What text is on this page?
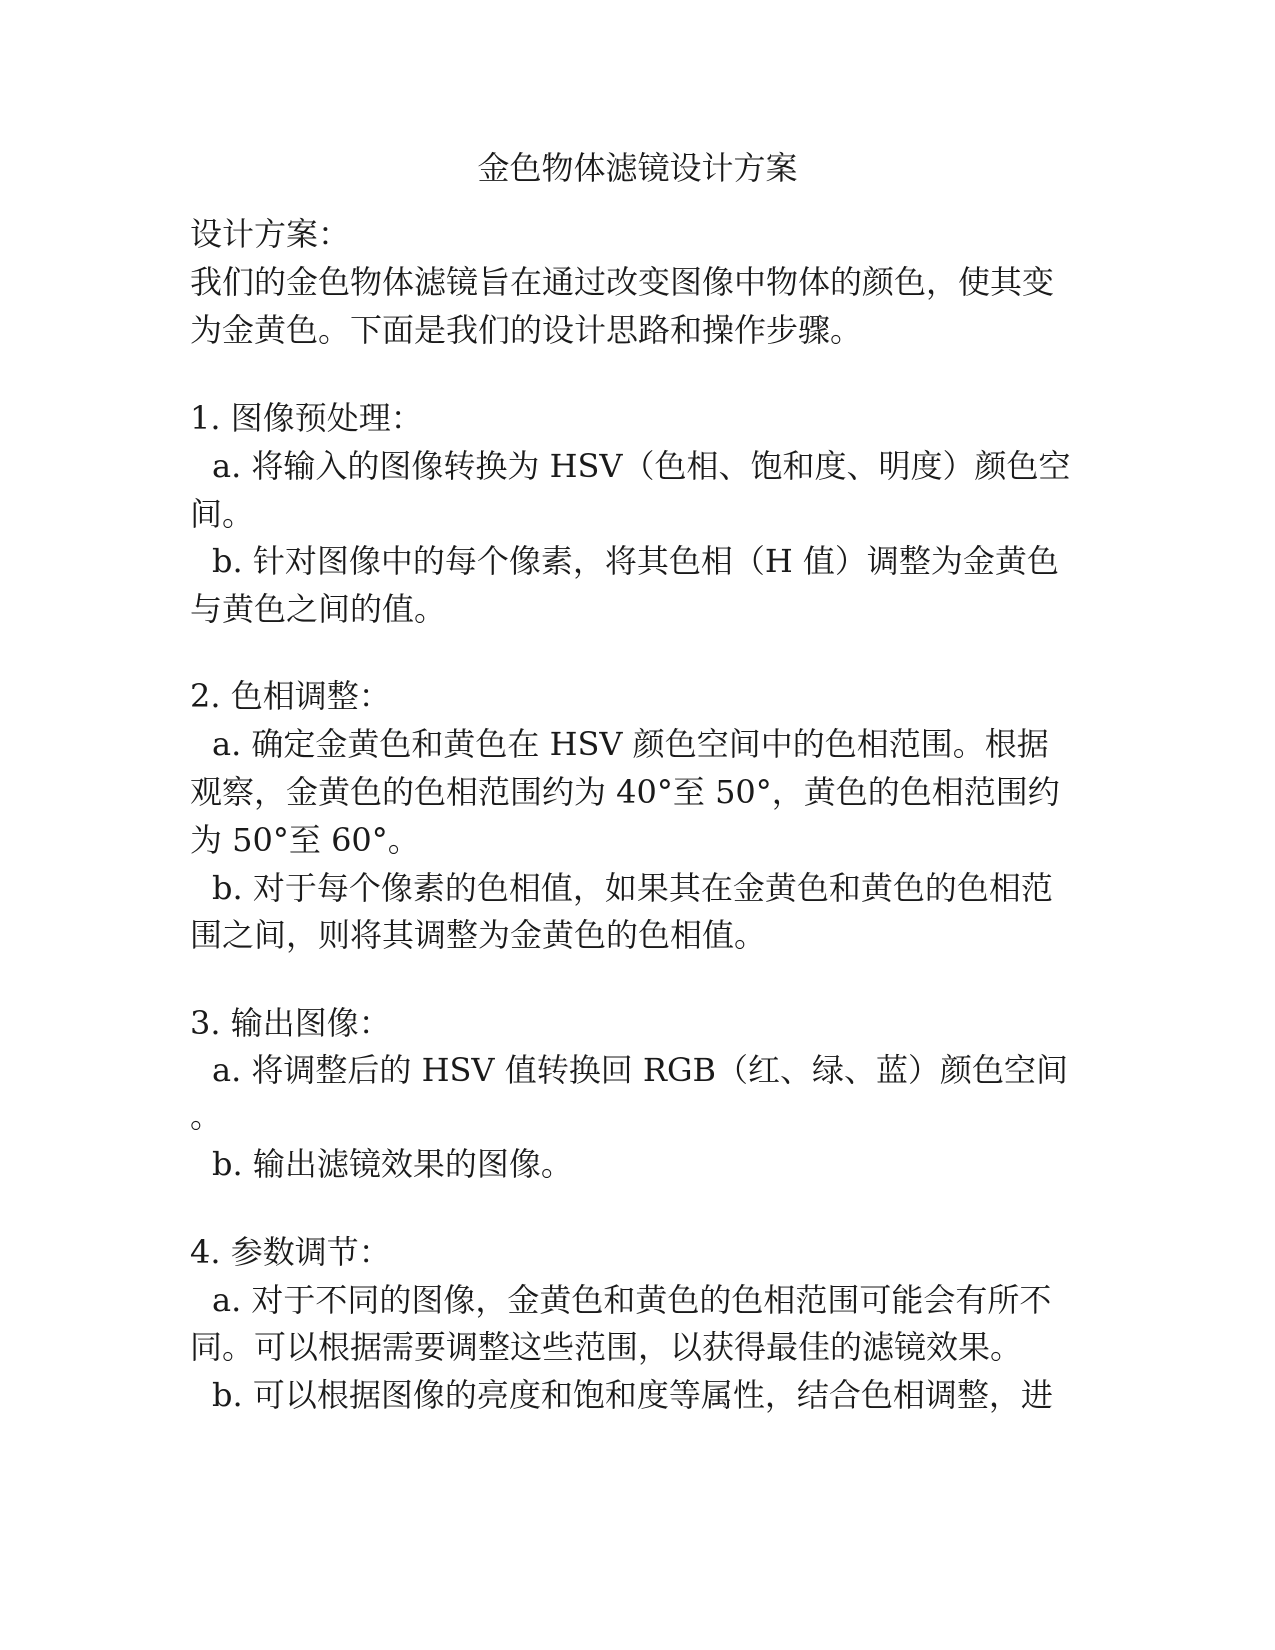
金色物体滤镜设计方案
设计方案：
我们的金色物体滤镜旨在通过改变图像中物体的颜色，使其变
为金黄色。下面是我们的设计思路和操作步骤。
1. 图像预处理：
a. 将输入的图像转换为 HSV（色相、饱和度、明度）颜色空
间。
b. 针对图像中的每个像素，将其色相（H 值）调整为金黄色
与黄色之间的值。
2. 色相调整：
a. 确定金黄色和黄色在 HSV 颜色空间中的色相范围。根据
观察，金黄色的色相范围约为 40°至 50°，黄色的色相范围约
为 50°至 60°。
b. 对于每个像素的色相值，如果其在金黄色和黄色的色相范
围之间，则将其调整为金黄色的色相值。
3. 输出图像：
a. 将调整后的 HSV 值转换回 RGB（红、绿、蓝）颜色空间
。
b. 输出滤镜效果的图像。
4. 参数调节：
a. 对于不同的图像，金黄色和黄色的色相范围可能会有所不
同。可以根据需要调整这些范围，以获得最佳的滤镜效果。
b. 可以根据图像的亮度和饱和度等属性，结合色相调整，进
